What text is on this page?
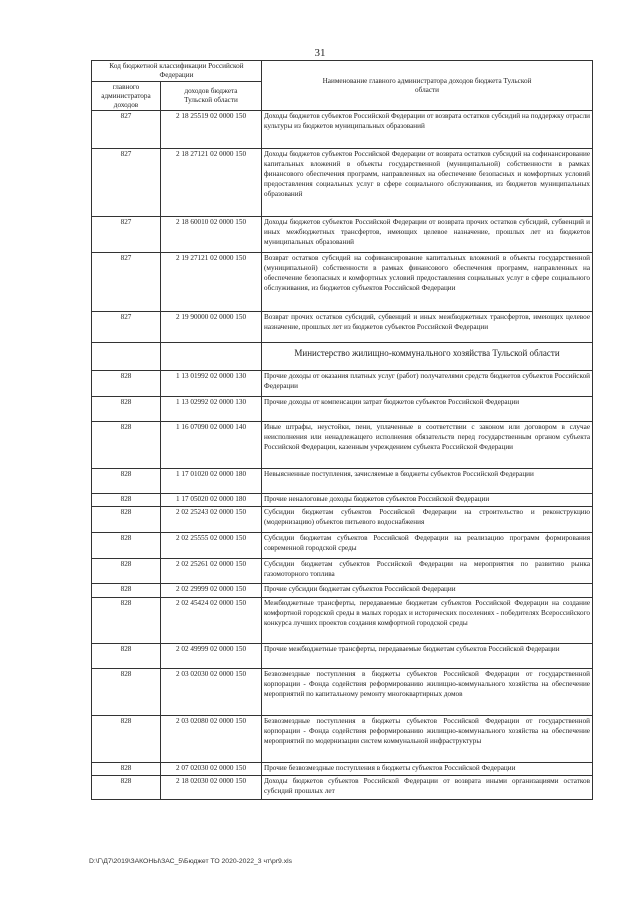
31
Код бюджетной классификации Российской Федерации		Наименование главного администратора доходов бюджета Тульской области
главного администратора доходов	доходов бюджета Тульской области	
827	2 18 25519 02 0000 150	Доходы бюджетов субъектов Российской Федерации от возврата остатков субсидий на поддержку отрасли культуры из бюджетов муниципальных образований
827	2 18 27121 02 0000 150	Доходы бюджетов субъектов Российской Федерации от возврата остатков субсидий на софинансирование капитальных вложений в объекты государственной (муниципальной) собственности в рамках финансового обеспечения программ, направленных на обеспечение безопасных и комфортных условий предоставления социальных услуг в сфере социального обслуживания, из бюджетов муниципальных образований
827	2 18 60010 02 0000 150	Доходы бюджетов субъектов Российской Федерации от возврата прочих остатков субсидий, субвенций и иных межбюджетных трансфертов, имеющих целевое назначение, прошлых лет из бюджетов муниципальных образований
827	2 19 27121 02 0000 150	Возврат остатков субсидий на софинансирование капитальных вложений в объекты государственной (муниципальной) собственности в рамках финансового обеспечения программ, направленных на обеспечение безопасных и комфортных условий предоставления социальных услуг в сфере социального обслуживания, из бюджетов субъектов Российской Федерации
827	2 19 90000 02 0000 150	Возврат прочих остатков субсидий, субвенций и иных межбюджетных трансфертов, имеющих целевое назначение, прошлых лет из бюджетов субъектов Российской Федерации
		Министерство жилищно-коммунального хозяйства Тульской области
828	1 13 01992 02 0000 130	Прочие доходы от оказания платных услуг (работ) получателями средств бюджетов субъектов Российской Федерации
828	1 13 02992 02 0000 130	Прочие доходы от компенсации затрат бюджетов субъектов Российской Федерации
828	1 16 07090 02 0000 140	Иные штрафы, неустойки, пени, уплаченные в соответствии с законом или договором в случае неисполнения или ненадлежащего исполнения обязательств перед государственным органом субъекта Российской Федерации, казенным учреждением субъекта Российской Федерации
828	1 17 01020 02 0000 180	Невыясненные поступления, зачисляемые в бюджеты субъектов Российской Федерации
828	1 17 05020 02 0000 180	Прочие неналоговые доходы бюджетов субъектов Российской Федерации
828	2 02 25243 02 0000 150	Субсидии бюджетам субъектов Российской Федерации на строительство и реконструкцию (модернизацию) объектов питьевого водоснабжения
828	2 02 25555 02 0000 150	Субсидии бюджетам субъектов Российской Федерации на реализацию программ формирования современной городской среды
828	2 02 25261 02 0000 150	Субсидии бюджетам субъектов Российской Федерации на мероприятия по развитию рынка газомоторного топлива
828	2 02 29999 02 0000 150	Прочие субсидии бюджетам субъектов Российской Федерации
828	2 02 45424 02 0000 150	Межбюджетные трансферты, передаваемые бюджетам субъектов Российской Федерации на создание комфортной городской среды в малых городах и исторических поселениях - победителях Всероссийского конкурса лучших проектов создания комфортной городской среды
828	2 02 49999 02 0000 150	Прочие межбюджетные трансферты, передаваемые бюджетам субъектов Российской Федерации
828	2 03 02030 02 0000 150	Безвозмездные поступления в бюджеты субъектов Российской Федерации от государственной корпорации - Фонда содействия реформированию жилищно-коммунального хозяйства на обеспечение мероприятий по капитальному ремонту многоквартирных домов
828	2 03 02080 02 0000 150	Безвозмездные поступления в бюджеты субъектов Российской Федерации от государственной корпорации - Фонда содействия реформированию жилищно-коммунального хозяйства на обеспечение мероприятий по модернизации систем коммунальной инфраструктуры
828	2 07 02030 02 0000 150	Прочие безвозмездные поступления в бюджеты субъектов Российской Федерации
828	2 18 02030 02 0000 150	Доходы бюджетов субъектов Российской Федерации от возврата иными организациями остатков субсидий прошлых лет
D:\Г\Д7\2019\ЗАКОНЫ\ЗАС_5\Бюджет ТО 2020-2022_3 чт\pr9.xls
